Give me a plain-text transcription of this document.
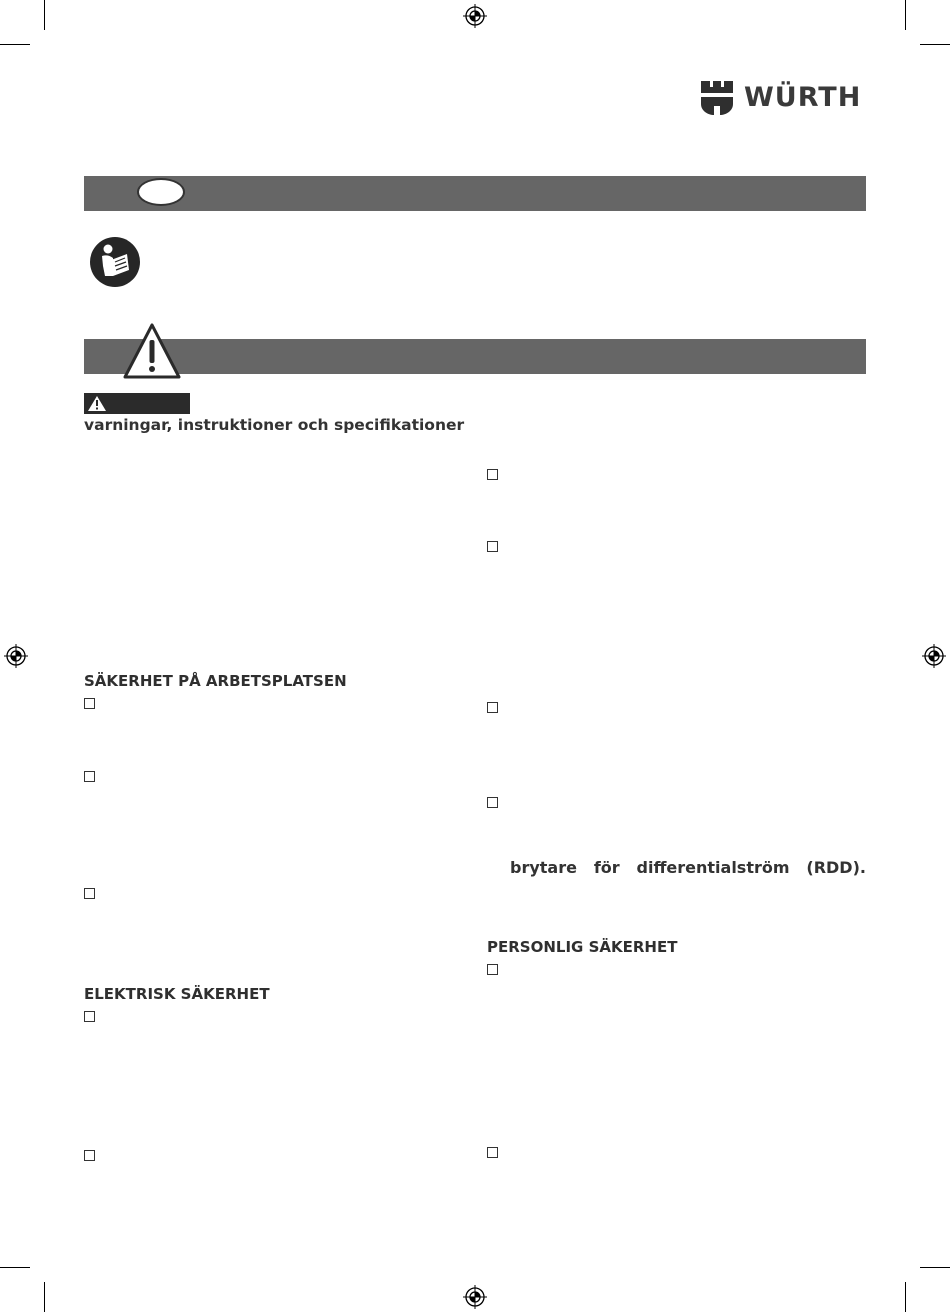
WÜRTH
varningar, instruktioner och specifikationer
SÄKERHET PÅ ARBETSPLATSEN
ELEKTRISK SÄKERHET
brytare för differentialström (RDD).
PERSONLIG SÄKERHET
